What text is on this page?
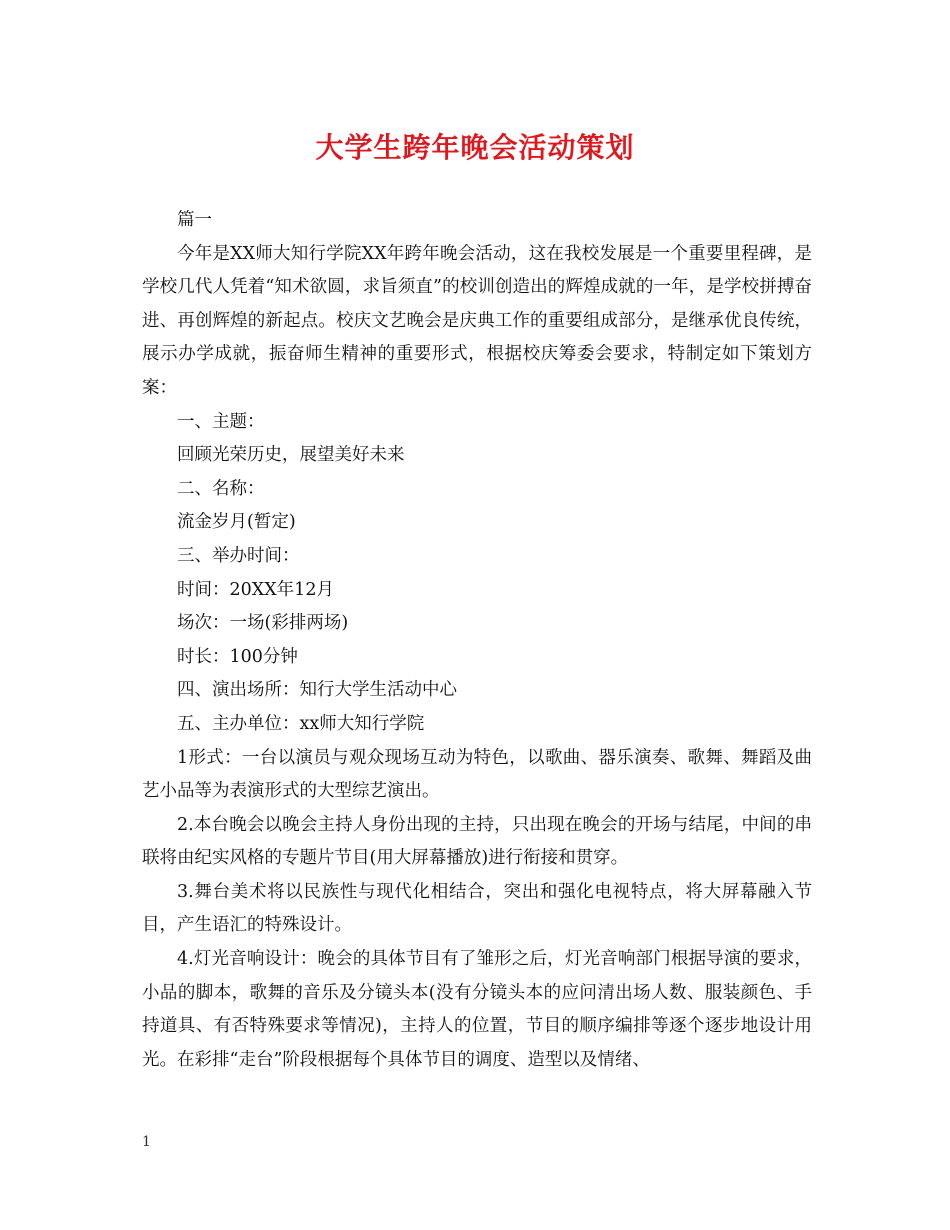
大学生跨年晚会活动策划

篇一

今年是XX师大知行学院XX年跨年晚会活动，这在我校发展是一个重要里程碑，是学校几代人凭着“知术欲圆，求旨须直”的校训创造出的辉煌成就的一年，是学校拼搏奋进、再创辉煌的新起点。校庆文艺晚会是庆典工作的重要组成部分，是继承优良传统，展示办学成就，振奋师生精神的重要形式，根据校庆筹委会要求，特制定如下策划方案：

一、主题：

回顾光荣历史，展望美好未来

二、名称：

流金岁月(暂定)

三、举办时间：

时间：20XX年12月

场次：一场(彩排两场)

时长：100分钟

四、演出场所：知行大学生活动中心

五、主办单位：xx师大知行学院

1形式：一台以演员与观众现场互动为特色，以歌曲、器乐演奏、歌舞、舞蹈及曲艺小品等为表演形式的大型综艺演出。

2.本台晚会以晚会主持人身份出现的主持，只出现在晚会的开场与结尾，中间的串联将由纪实风格的专题片节目(用大屏幕播放)进行衔接和贯穿。

3.舞台美术将以民族性与现代化相结合，突出和强化电视特点，将大屏幕融入节目，产生语汇的特殊设计。

4.灯光音响设计：晚会的具体节目有了雏形之后，灯光音响部门根据导演的要求，小品的脚本，歌舞的音乐及分镜头本(没有分镜头本的应问清出场人数、服装颜色、手持道具、有否特殊要求等情况)，主持人的位置，节目的顺序编排等逐个逐步地设计用光。在彩排“走台”阶段根据每个具体节目的调度、造型以及情绪、

1
